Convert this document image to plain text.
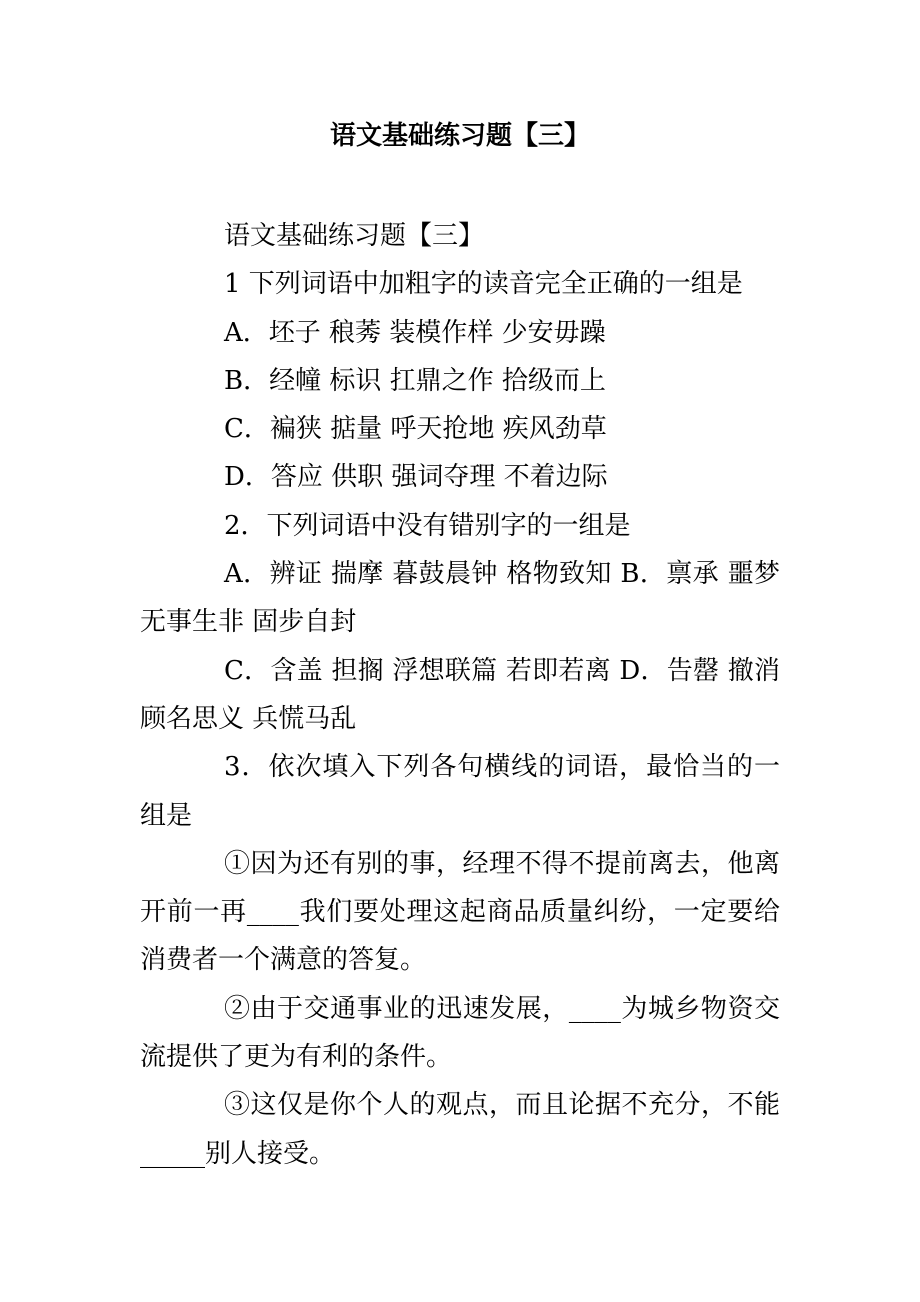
语文基础练习题【三】

语文基础练习题【三】

1 下列词语中加粗字的读音完全正确的一组是

A．坯子 稂莠 装模作样 少安毋躁

B．经幢 标识 扛鼎之作 拾级而上

C．褊狭 掂量 呼天抢地 疾风劲草

D．答应 供职 强词夺理 不着边际

2．下列词语中没有错别字的一组是

A．辨证 揣摩 暮鼓晨钟 格物致知 B．禀承 噩梦 无事生非 固步自封

C．含盖 担搁 浮想联篇 若即若离 D．告罄 撤消 顾名思义 兵慌马乱

3．依次填入下列各句横线的词语，最恰当的一组是

①因为还有别的事，经理不得不提前离去，他离开前一再____我们要处理这起商品质量纠纷，一定要给消费者一个满意的答复。

②由于交通事业的迅速发展，____为城乡物资交流提供了更为有利的条件。

③这仅是你个人的观点，而且论据不充分，不能_____别人接受。
